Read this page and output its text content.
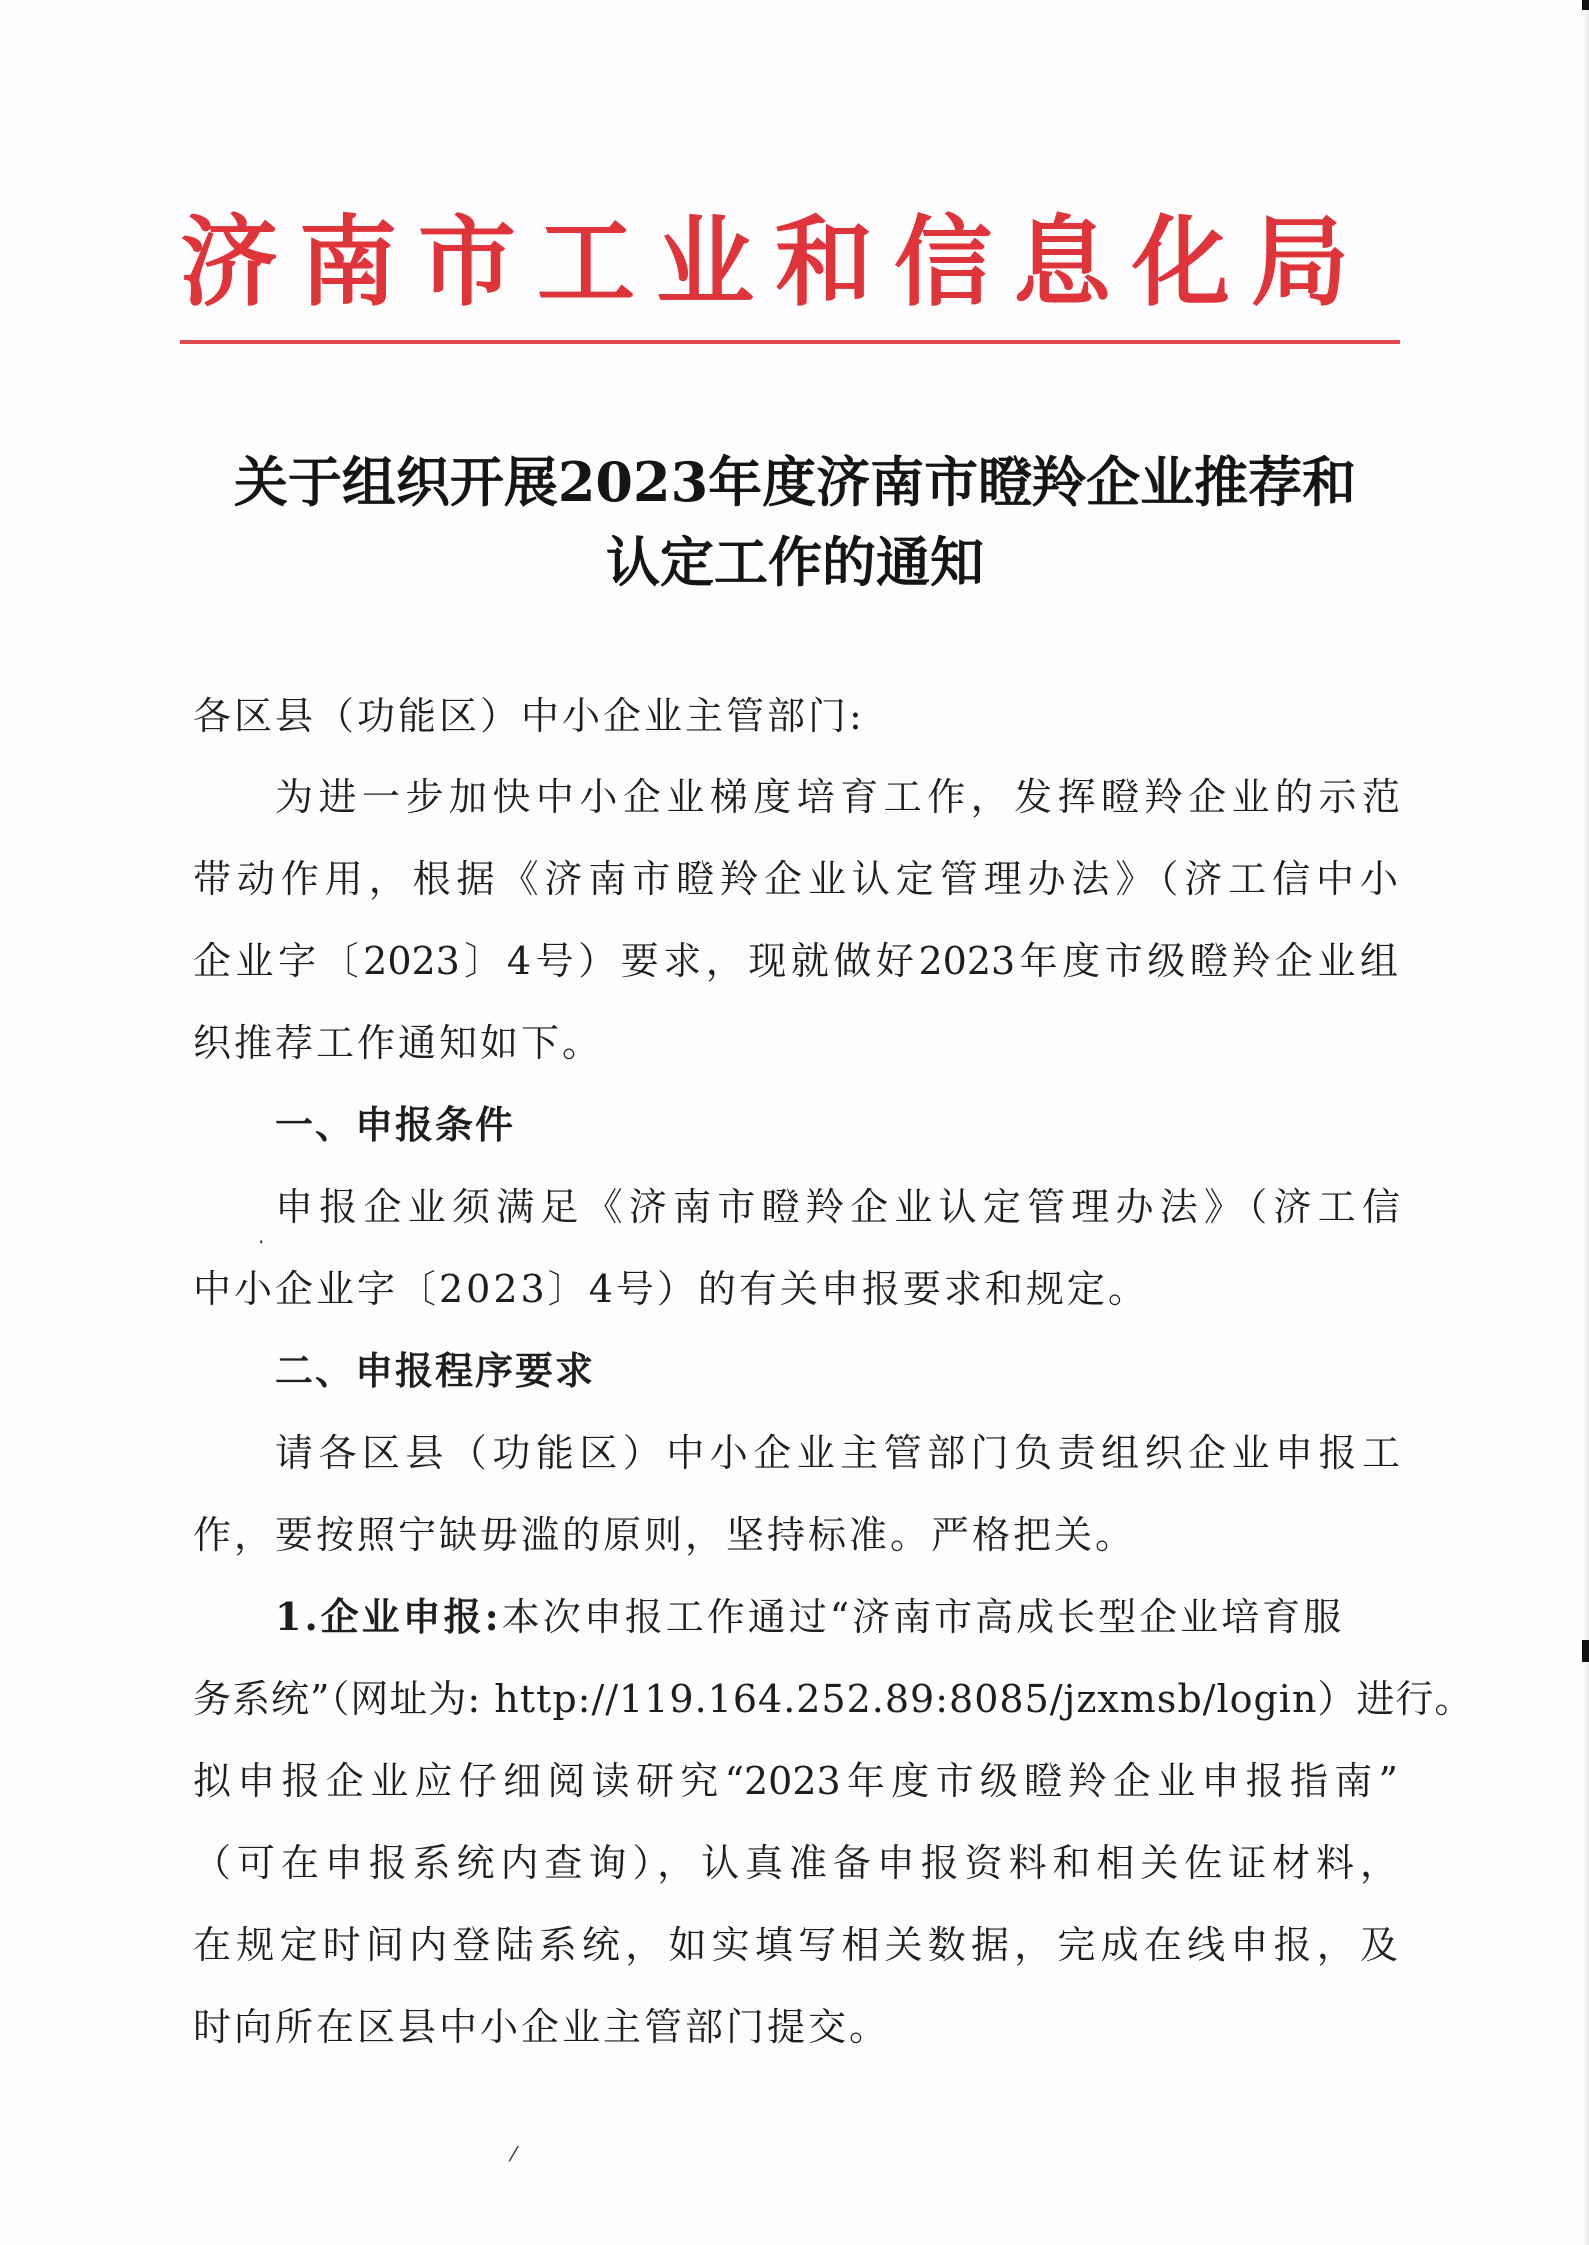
济南市工业和信息化局
关于组织开展2023年度济南市瞪羚企业推荐和
认定工作的通知
各区县（功能区）中小企业主管部门:
为进一步加快中小企业梯度培育工作，发挥瞪羚企业的示范
带动作用，根据《济南市瞪羚企业认定管理办法》（济工信中小
企业字〔2023〕4号）要求，现就做好2023年度市级瞪羚企业组
织推荐工作通知如下。
一、申报条件
申报企业须满足《济南市瞪羚企业认定管理办法》（济工信
中小企业字〔2023〕4号）的有关申报要求和规定。
二、申报程序要求
请各区县（功能区）中小企业主管部门负责组织企业申报工
作，要按照宁缺毋滥的原则，坚持标准。严格把关。
1.企业申报:本次申报工作通过“济南市高成长型企业培育服
务系统”（网址为: http://119.164.252.89:8085/jzxmsb/login）进行。
拟申报企业应仔细阅读研究“2023年度市级瞪羚企业申报指南”
（可在申报系统内查询），认真准备申报资料和相关佐证材料，
在规定时间内登陆系统，如实填写相关数据，完成在线申报，及
时向所在区县中小企业主管部门提交。
·
⁄
